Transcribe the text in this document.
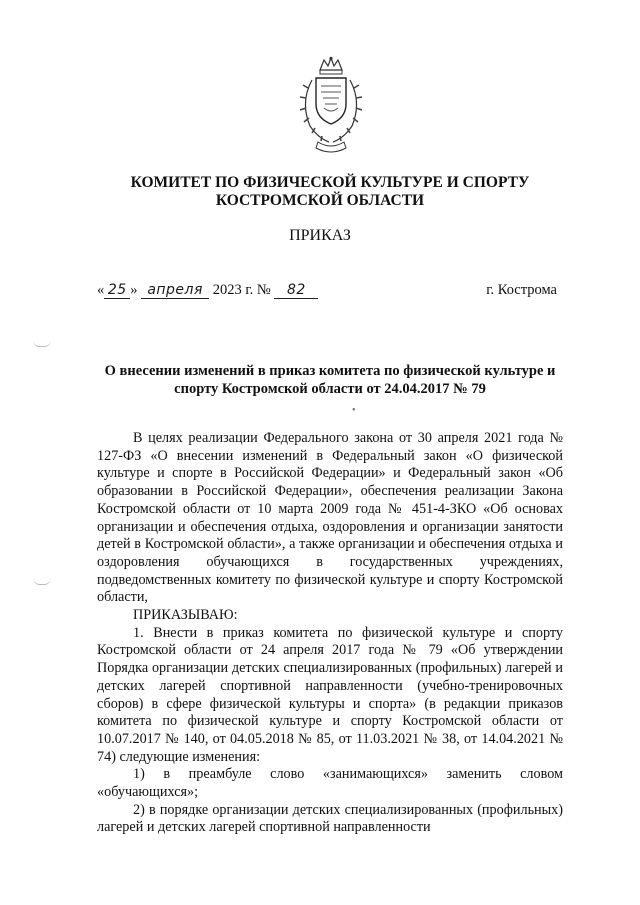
КОМИТЕТ ПО ФИЗИЧЕСКОЙ КУЛЬТУРЕ И СПОРТУ
КОСТРОМСКОЙ ОБЛАСТИ
ПРИКАЗ
« 25 » апреля 2023 г. № 82	г. Кострома
О внесении изменений в приказ комитета по физической культуре и
спорту Костромской области от 24.04.2017 № 79
•

В целях реализации Федерального закона от 30 апреля 2021 года № 127-ФЗ «О внесении изменений в Федеральный закон «О физической культуре и спорте в Российской Федерации» и Федеральный закон «Об образовании в Российской Федерации», обеспечения реализации Закона Костромской области от 10 марта 2009 года № 451-4-ЗКО «Об основах организации и обеспечения отдыха, оздоровления и организации занятости детей в Костромской области», а также организации и обеспечения отдыха и оздоровления обучающихся в государственных учреждениях, подведомственных комитету по физической культуре и спорту Костромской области,

ПРИКАЗЫВАЮ:

1. Внести в приказ комитета по физической культуре и спорту Костромской области от 24 апреля 2017 года № 79 «Об утверждении Порядка организации детских специализированных (профильных) лагерей и детских лагерей спортивной направленности (учебно-тренировочных сборов) в сфере физической культуры и спорта» (в редакции приказов комитета по физической культуре и спорту Костромской области от 10.07.2017 № 140, от 04.05.2018 № 85, от 11.03.2021 № 38, от 14.04.2021 № 74) следующие изменения:

1) в преамбуле слово «занимающихся» заменить словом «обучающихся»;

2) в порядке организации детских специализированных (профильных) лагерей и детских лагерей спортивной направленности
